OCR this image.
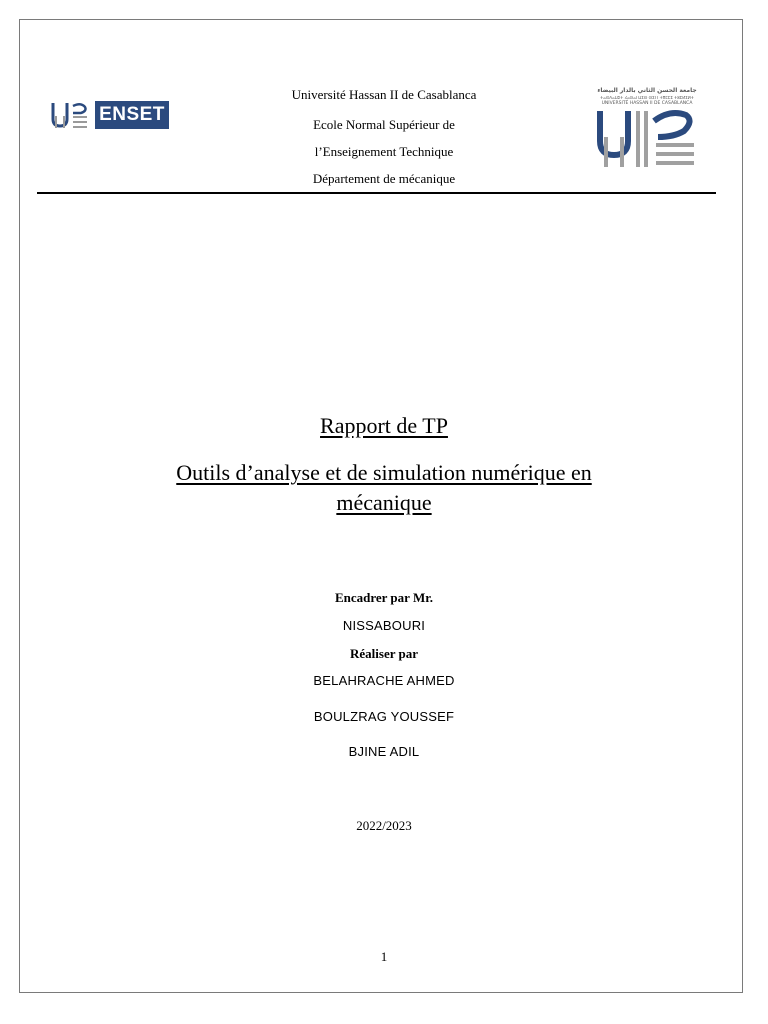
ENSET
Université Hassan II de Casablanca
Ecole Normal Supérieur de
l’Enseignement Technique
Département de mécanique
جامعة الحسن الثاني بالدار البيضاء
ⵜⴰⵙⴷⴰⵡⵉⵜ ⵃⴰⵙⴰⵏ ⵡⵉⵙ ⵙⵉⵏ ⵏ ⵜⴳⵎⵎⵉ ⵜⵓⵎⵍⵉⵍⵜ
UNIVERSITÉ HASSAN II DE CASABLANCA
Rapport de TP
Outils d’analyse et de simulation numérique en
mécanique
Encadrer par Mr.
NISSABOURI
Réaliser par
BELAHRACHE AHMED
BOULZRAG YOUSSEF
BJINE ADIL
2022/2023
1
